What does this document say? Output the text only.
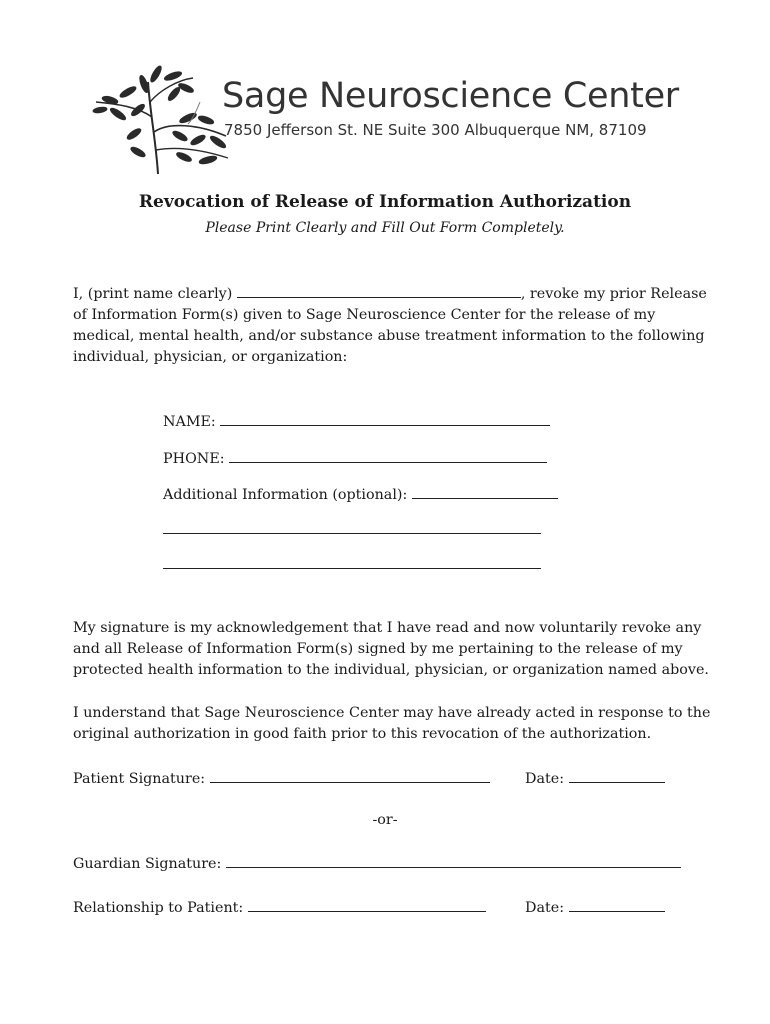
Sage Neuroscience Center
7850 Jefferson St. NE Suite 300 Albuquerque NM, 87109
Revocation of Release of Information Authorization
Please Print Clearly and Fill Out Form Completely.
I, (print name clearly)	, revoke my prior Release of Information Form(s) given to Sage Neuroscience Center for the release of my medical, mental health, and/or substance abuse treatment information to the following individual, physician, or organization:
NAME:
PHONE:
Additional Information (optional):
My signature is my acknowledgement that I have read and now voluntarily revoke any and all Release of Information Form(s) signed by me pertaining to the release of my protected health information to the individual, physician, or organization named above.
I understand that Sage Neuroscience Center may have already acted in response to the original authorization in good faith prior to this revocation of the authorization.
Patient Signature:	Date:
-or-
Guardian Signature:
Relationship to Patient:	Date:
